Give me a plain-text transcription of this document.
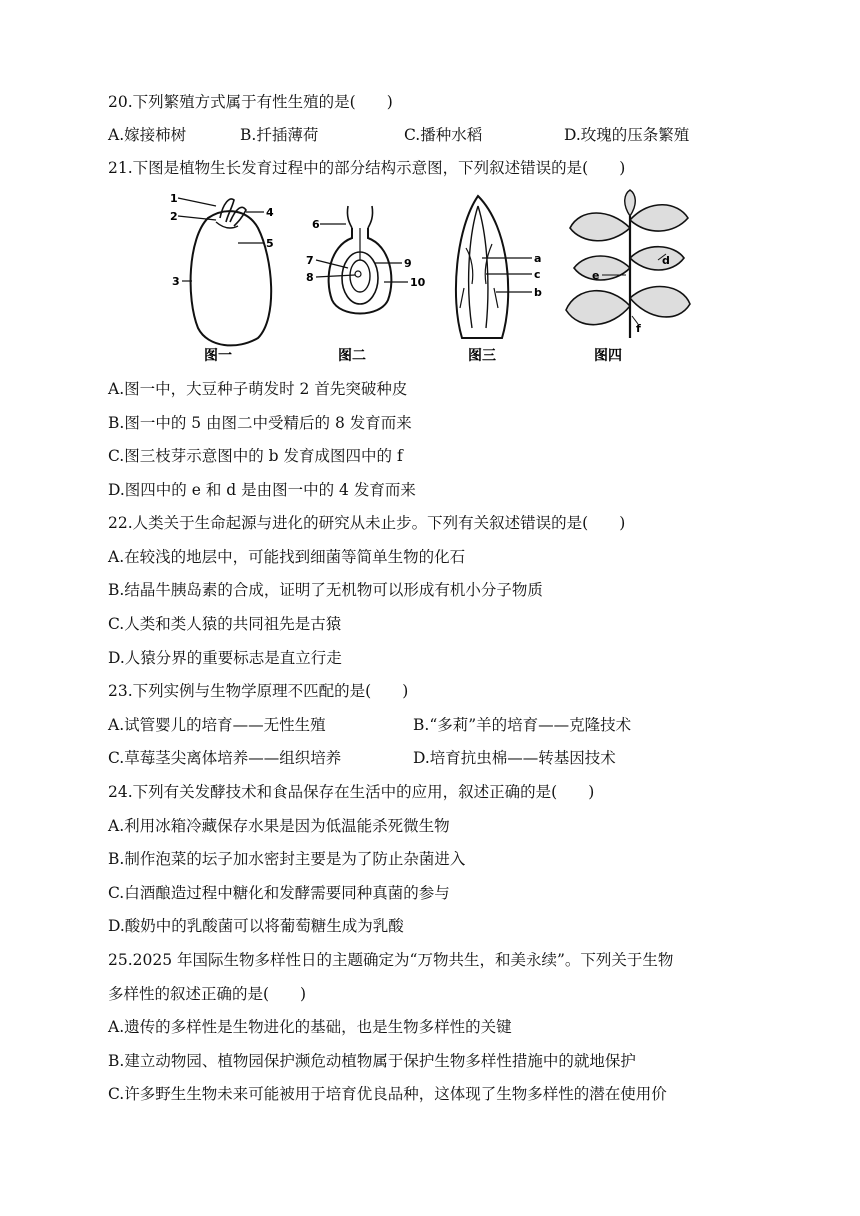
20.下列繁殖方式属于有性生殖的是(　　)
A.嫁接柿树	B.扦插薄荷	C.播种水稻	D.玫瑰的压条繁殖
21.下图是植物生长发育过程中的部分结构示意图，下列叙述错误的是(　　)
1
2
3
4
5
图一
6
7
8
9
10
图二
a
c
b
图三
d
e
f
图四
A.图一中，大豆种子萌发时 2 首先突破种皮
B.图一中的 5 由图二中受精后的 8 发育而来
C.图三枝芽示意图中的 b 发育成图四中的 f
D.图四中的 e 和 d 是由图一中的 4 发育而来
22.人类关于生命起源与进化的研究从未止步。下列有关叙述错误的是(　　)
A.在较浅的地层中，可能找到细菌等简单生物的化石
B.结晶牛胰岛素的合成，证明了无机物可以形成有机小分子物质
C.人类和类人猿的共同祖先是古猿
D.人猿分界的重要标志是直立行走
23.下列实例与生物学原理不匹配的是(　　)
A.试管婴儿的培育——无性生殖	B.“多莉”羊的培育——克隆技术
C.草莓茎尖离体培养——组织培养	D.培育抗虫棉——转基因技术
24.下列有关发酵技术和食品保存在生活中的应用，叙述正确的是(　　)
A.利用冰箱冷藏保存水果是因为低温能杀死微生物
B.制作泡菜的坛子加水密封主要是为了防止杂菌进入
C.白酒酿造过程中糖化和发酵需要同种真菌的参与
D.酸奶中的乳酸菌可以将葡萄糖生成为乳酸
25.2025 年国际生物多样性日的主题确定为“万物共生，和美永续”。下列关于生物
多样性的叙述正确的是(　　)
A.遗传的多样性是生物进化的基础，也是生物多样性的关键
B.建立动物园、植物园保护濒危动植物属于保护生物多样性措施中的就地保护
C.许多野生生物未来可能被用于培育优良品种，这体现了生物多样性的潜在使用价
